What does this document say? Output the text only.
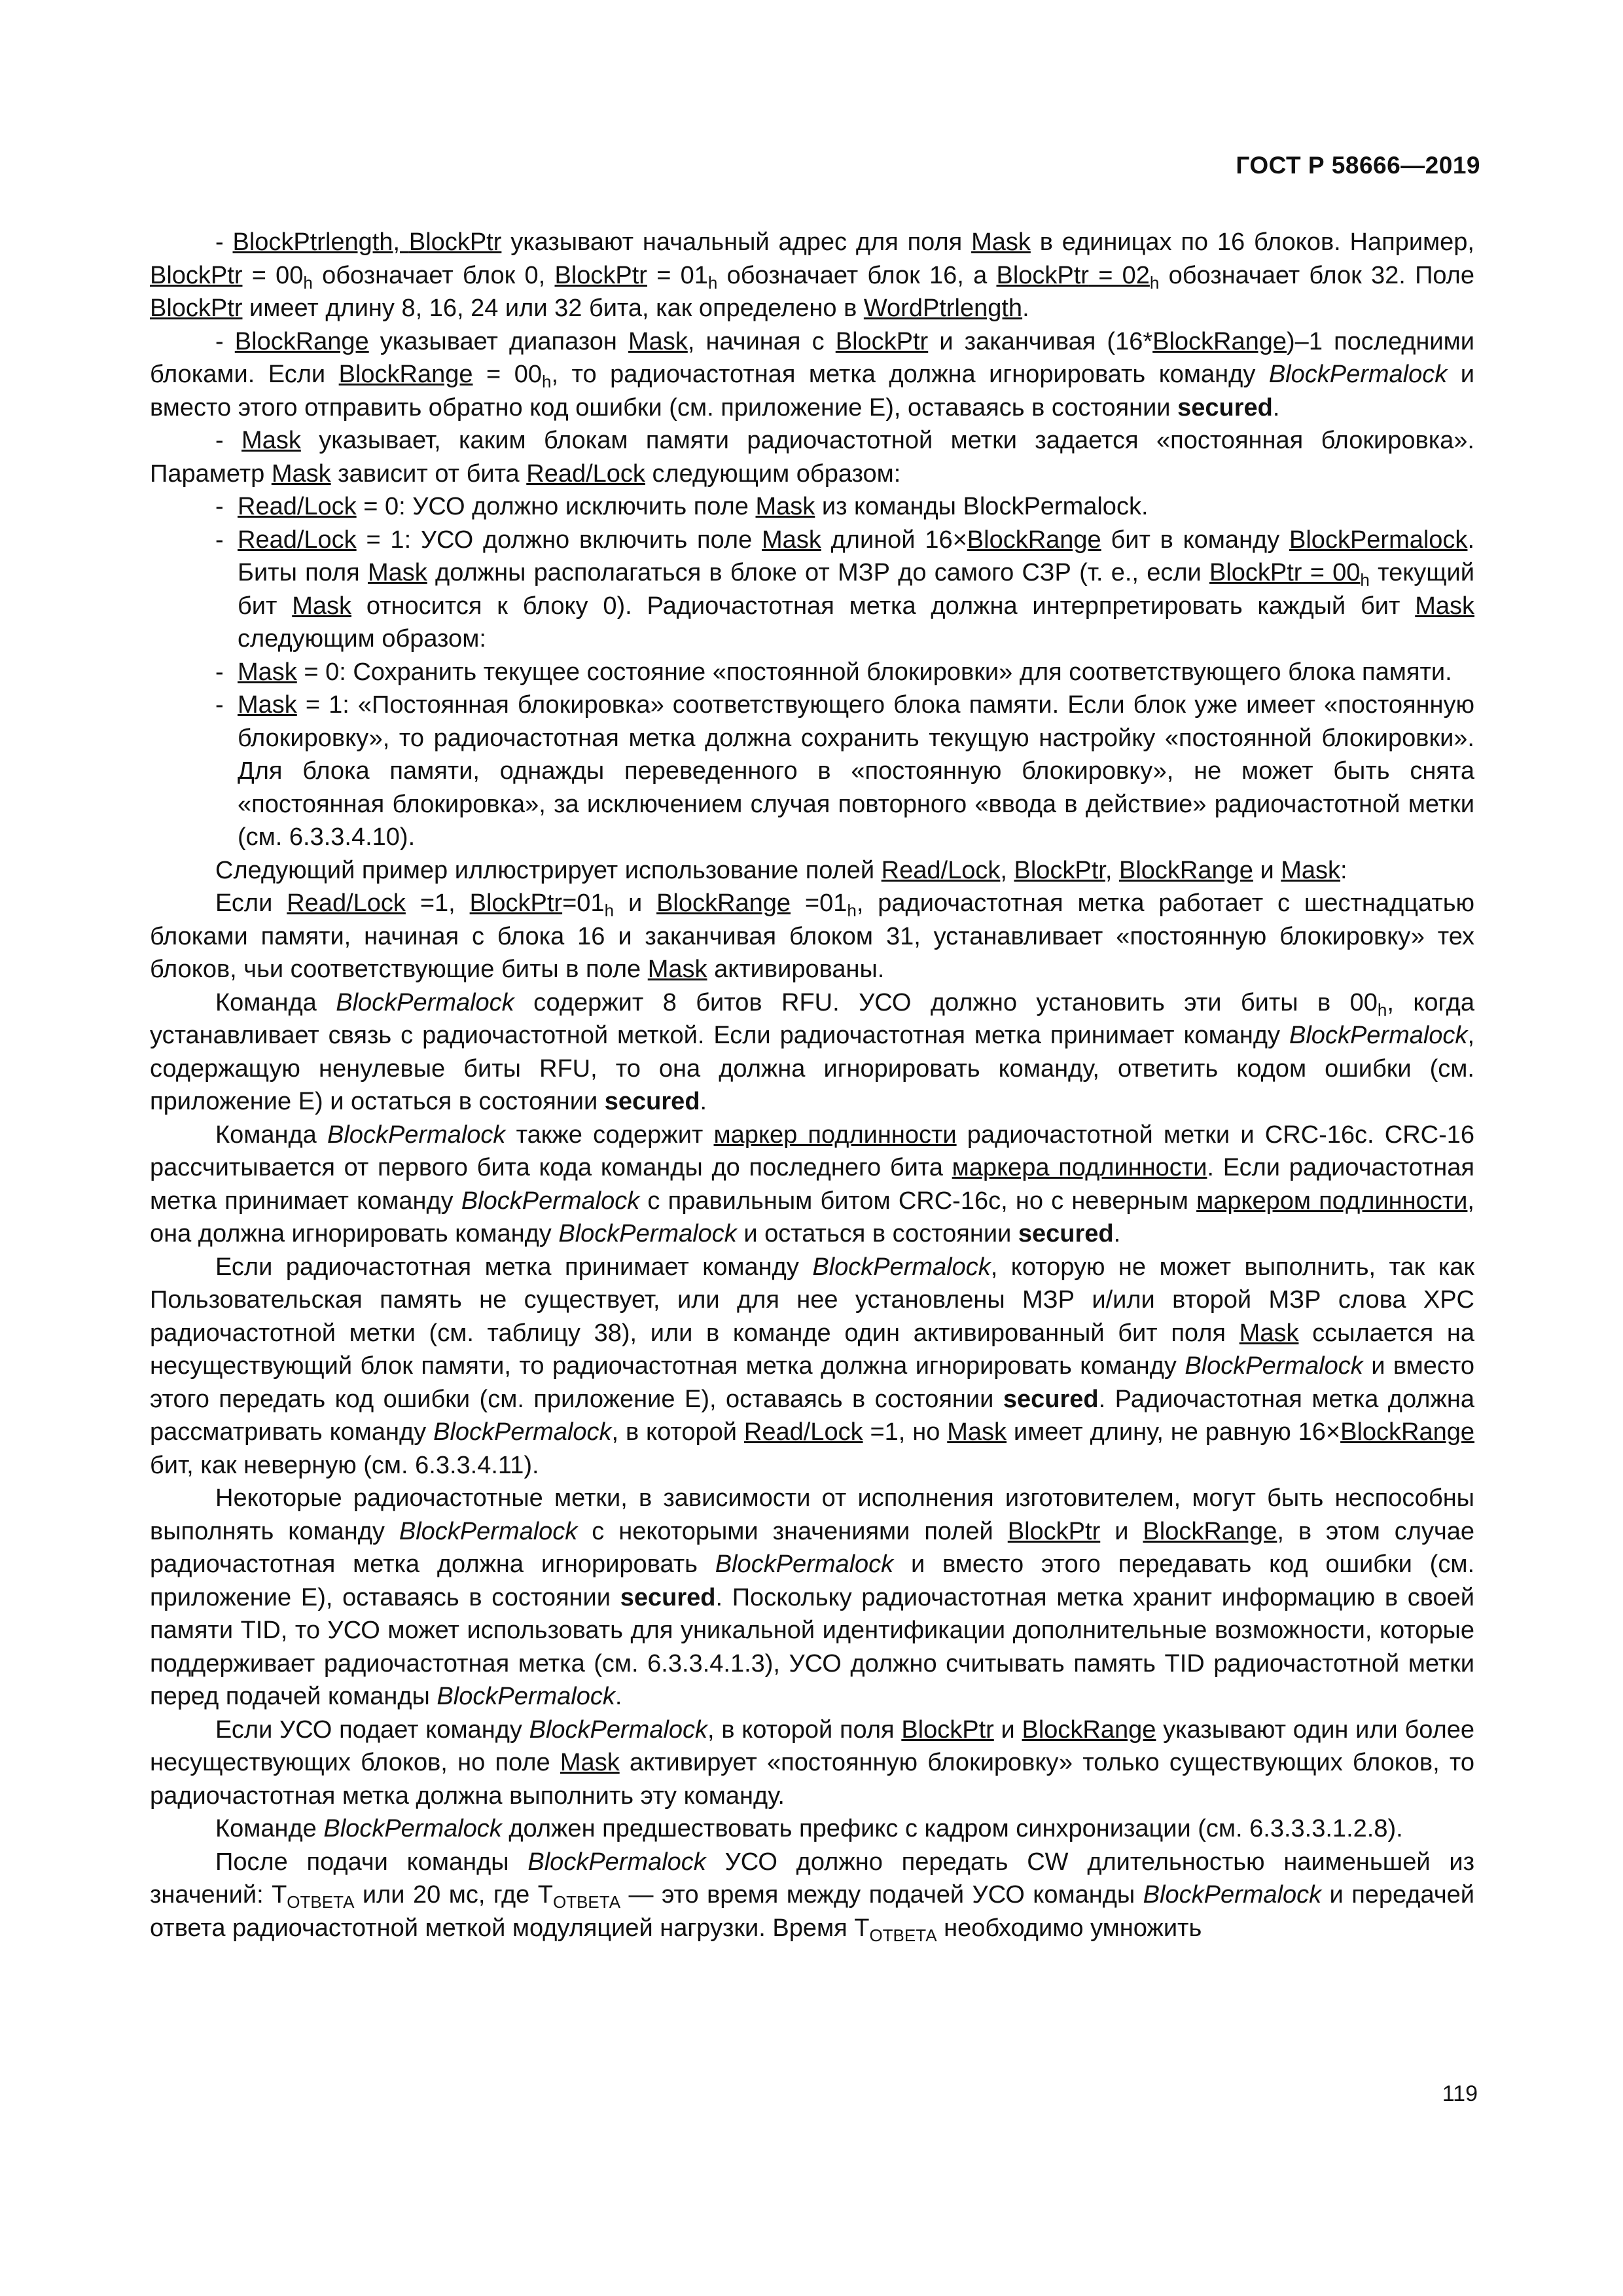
ГОСТ Р 58666—2019

- BlockPtrlength, BlockPtr указывают начальный адрес для поля Mask в единицах по 16 блоков. Например, BlockPtr = $00_h$ обозначает блок 0, BlockPtr = $01_h$ обозначает блок 16, а BlockPtr = $02_h$ обозначает блок 32. Поле BlockPtr имеет длину 8, 16, 24 или 32 бита, как определено в WordPtrlength.

- BlockRange указывает диапазон Mask, начиная с BlockPtr и заканчивая (16*BlockRange)–1 последними блоками. Если BlockRange = $00_h$, то радиочастотная метка должна игнорировать команду BlockPermalock и вместо этого отправить обратно код ошибки (см. приложение E), оставаясь в состоянии secured.

- Mask указывает, каким блокам памяти радиочастотной метки задается «постоянная блокировка». Параметр Mask зависит от бита Read/Lock следующим образом:

- Read/Lock = 0: УСО должно исключить поле Mask из команды BlockPermalock.

- Read/Lock = 1: УСО должно включить поле Mask длиной 16×BlockRange бит в команду BlockPermalock. Биты поля Mask должны располагаться в блоке от МЗР до самого СЗР (т. е., если BlockPtr = $00_h$ текущий бит Mask относится к блоку 0). Радиочастотная метка должна интерпретировать каждый бит Mask следующим образом:

- Mask = 0: Сохранить текущее состояние «постоянной блокировки» для соответствующего блока памяти.

- Mask = 1: «Постоянная блокировка» соответствующего блока памяти. Если блок уже имеет «постоянную блокировку», то радиочастотная метка должна сохранить текущую настройку «постоянной блокировки». Для блока памяти, однажды переведенного в «постоянную блокировку», не может быть снята «постоянная блокировка», за исключением случая повторного «ввода в действие» радиочастотной метки (см. 6.3.3.4.10).

Следующий пример иллюстрирует использование полей Read/Lock, BlockPtr, BlockRange и Mask:

Если Read/Lock =1, $BlockPtr=01_h$ и BlockRange $=01_h$, радиочастотная метка работает с шестнадцатью блоками памяти, начиная с блока 16 и заканчивая блоком 31, устанавливает «постоянную блокировку» тех блоков, чьи соответствующие биты в поле Mask активированы.

Команда BlockPermalock содержит 8 битов RFU. УСО должно установить эти биты в $00_h$, когда устанавливает связь с радиочастотной меткой. Если радиочастотная метка принимает команду BlockPermalock, содержащую ненулевые биты RFU, то она должна игнорировать команду, ответить кодом ошибки (см. приложение E) и остаться в состоянии secured.

Команда BlockPermalock также содержит маркер подлинности радиочастотной метки и CRC-16c. CRC-16 рассчитывается от первого бита кода команды до последнего бита маркера подлинности. Если радиочастотная метка принимает команду BlockPermalock с правильным битом CRC-16c, но с неверным маркером подлинности, она должна игнорировать команду BlockPermalock и остаться в состоянии secured.

Если радиочастотная метка принимает команду BlockPermalock, которую не может выполнить, так как Пользовательская память не существует, или для нее установлены МЗР и/или второй МЗР слова XPC радиочастотной метки (см. таблицу 38), или в команде один активированный бит поля Mask ссылается на несуществующий блок памяти, то радиочастотная метка должна игнорировать команду BlockPermalock и вместо этого передать код ошибки (см. приложение E), оставаясь в состоянии secured. Радиочастотная метка должна рассматривать команду BlockPermalock, в которой Read/Lock =1, но Mask имеет длину, не равную 16×BlockRange бит, как неверную (см. 6.3.3.4.11).

Некоторые радиочастотные метки, в зависимости от исполнения изготовителем, могут быть неспособны выполнять команду BlockPermalock с некоторыми значениями полей BlockPtr и BlockRange, в этом случае радиочастотная метка должна игнорировать BlockPermalock и вместо этого передавать код ошибки (см. приложение E), оставаясь в состоянии secured. Поскольку радиочастотная метка хранит информацию в своей памяти TID, то УСО может использовать для уникальной идентификации дополнительные возможности, которые поддерживает радиочастотная метка (см. 6.3.3.4.1.3), УСО должно считывать память TID радиочастотной метки перед подачей команды BlockPermalock.

Если УСО подает команду BlockPermalock, в которой поля BlockPtr и BlockRange указывают один или более несуществующих блоков, но поле Mask активирует «постоянную блокировку» только существующих блоков, то радиочастотная метка должна выполнить эту команду.

Команде BlockPermalock должен предшествовать префикс с кадром синхронизации (см. 6.3.3.3.1.2.8).

После подачи команды BlockPermalock УСО должно передать CW длительностью наименьшей из значений: $T_{ОТВЕТА}$ или 20 мс, где $T_{ОТВЕТА}$ — это время между подачей УСО команды BlockPermalock и передачей ответа радиочастотной меткой модуляцией нагрузки. Время $T_{ОТВЕТА}$ необходимо умножить

119
